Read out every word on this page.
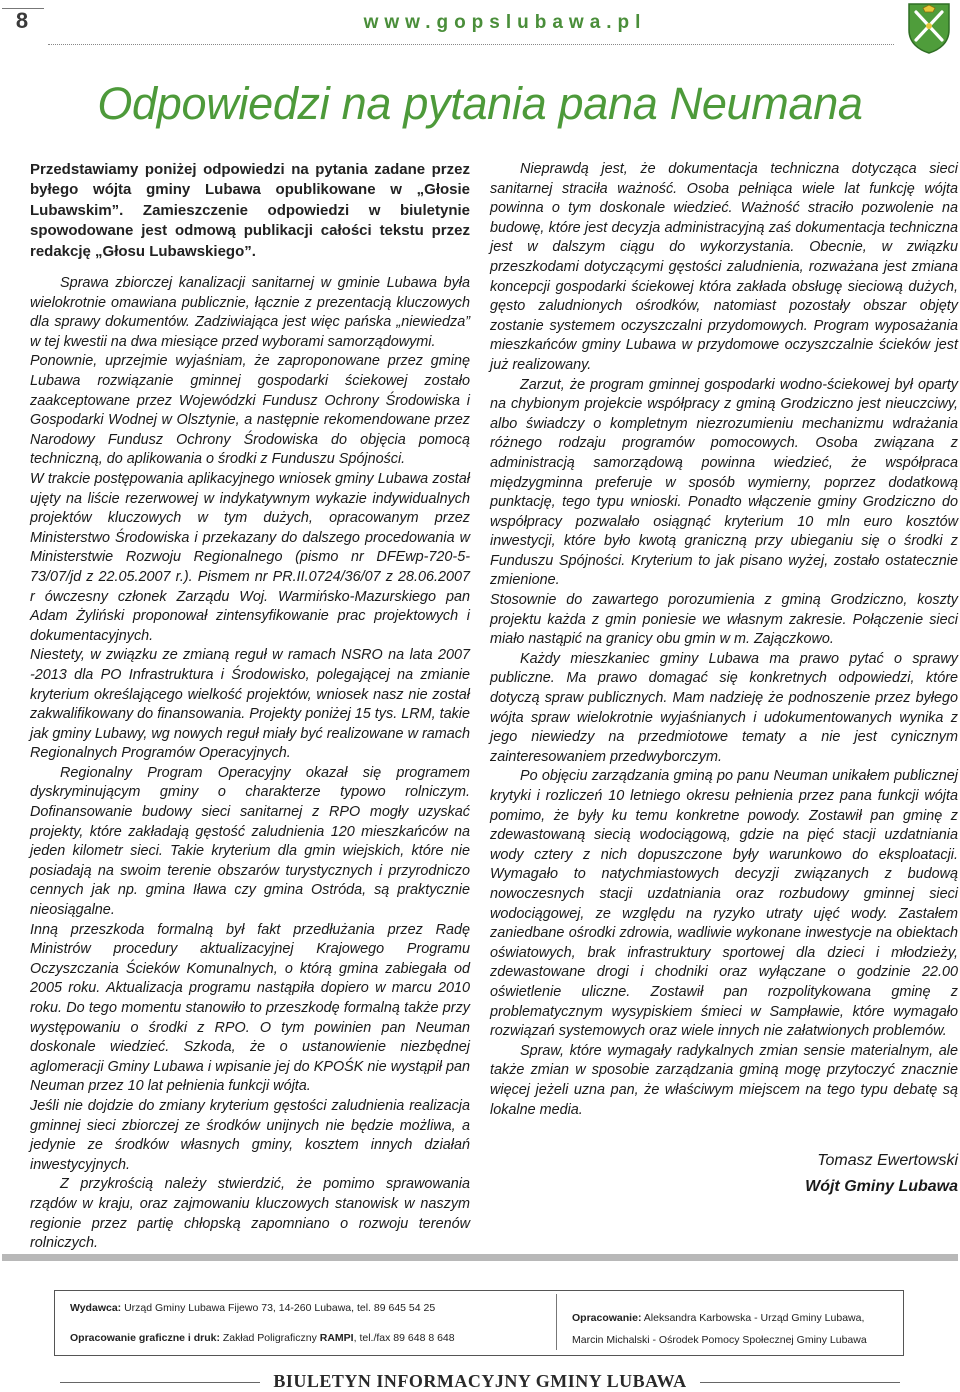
8	www.gopslubawa.pl
Odpowiedzi na pytania pana Neumana

Przedstawiamy poniżej odpowiedzi na pytania zadane przez byłego wójta gminy Lubawa opublikowane w „Głosie Lubawskim”. Zamieszczenie odpowiedzi w biuletynie spowodowane jest odmową publikacji całości tekstu przez redakcję „Głosu Lubawskiego”.

Sprawa zbiorczej kanalizacji sanitarnej w gminie Lubawa była wielokrotnie omawiana publicznie, łącznie z prezentacją kluczowych dla sprawy dokumentów. Zadziwiająca jest więc pańska „niewiedza” w tej kwestii na dwa miesiące przed wyborami samorządowymi.

Ponownie, uprzejmie wyjaśniam, że zaproponowane przez gminę Lubawa rozwiązanie gminnej gospodarki ściekowej zostało zaakceptowane przez Wojewódzki Fundusz Ochrony Środowiska i Gospodarki Wodnej w Olsztynie, a następnie rekomendowane przez Narodowy Fundusz Ochrony Środowiska do objęcia pomocą techniczną, do aplikowania o środki z Funduszu Spójności.

W trakcie postępowania aplikacyjnego wniosek gminy Lubawa został ujęty na liście rezerwowej w indykatywnym wykazie indywidualnych projektów kluczowych w tym dużych, opracowanym przez Ministerstwo Środowiska i przekazany do dalszego procedowania w Ministerstwie Rozwoju Regionalnego (pismo nr DFEwp-720-5-73/07/jd z 22.05.2007 r.). Pismem nr PR.II.0724/36/07 z 28.06.2007 r ówczesny członek Zarządu Woj. Warmińsko-Mazurskiego pan Adam Żyliński proponował zintensyfikowanie prac projektowych i dokumentacyjnych.

Niestety, w związku ze zmianą reguł w ramach NSRO na lata 2007 -2013 dla PO Infrastruktura i Środowisko, polegającej na zmianie kryterium określającego wielkość projektów, wniosek nasz nie został zakwalifikowany do finansowania. Projekty poniżej 15 tys. LRM, takie jak gminy Lubawy, wg nowych reguł miały być realizowane w ramach Regionalnych Programów Operacyjnych.

Regionalny Program Operacyjny okazał się programem dyskryminującym gminy o charakterze typowo rolniczym. Dofinansowanie budowy sieci sanitarnej z RPO mogły uzyskać projekty, które zakładają gęstość zaludnienia 120 mieszkańców na jeden kilometr sieci. Takie kryterium dla gmin wiejskich, które nie posiadają na swoim terenie obszarów turystycznych i przyrodniczo cennych jak np. gmina Iława czy gmina Ostróda, są praktycznie nieosiągalne.

Inną przeszkoda formalną był fakt przedłużania przez Radę Ministrów procedury aktualizacyjnej Krajowego Programu Oczyszczania Ścieków Komunalnych, o którą gmina zabiegała od 2005 roku. Aktualizacja programu nastąpiła dopiero w marcu 2010 roku. Do tego momentu stanowiło to przeszkodę formalną także przy występowaniu o środki z RPO. O tym powinien pan Neuman doskonale wiedzieć. Szkoda, że o ustanowienie niezbędnej aglomeracji Gminy Lubawa i wpisanie jej do KPOŚK nie wystąpił pan Neuman przez 10 lat pełnienia funkcji wójta.

Jeśli nie dojdzie do zmiany kryterium gęstości zaludnienia realizacja gminnej sieci zbiorczej ze środków unijnych nie będzie możliwa, a jedynie ze środków własnych gminy, kosztem innych działań inwestycyjnych.

Z przykrością należy stwierdzić, że pomimo sprawowania rządów w kraju, oraz zajmowaniu kluczowych stanowisk w naszym regionie przez partię chłopską zapomniano o rozwoju terenów rolniczych.

Nieprawdą jest, że dokumentacja techniczna dotycząca sieci sanitarnej straciła ważność. Osoba pełniąca wiele lat funkcję wójta powinna o tym doskonale wiedzieć. Ważność straciło pozwolenie na budowę, które jest decyzja administracyjną zaś dokumentacja techniczna jest w dalszym ciągu do wykorzystania. Obecnie, w związku przeszkodami dotyczącymi gęstości zaludnienia, rozważana jest zmiana koncepcji gospodarki ściekowej która zakłada obsługę sieciową dużych, gęsto zaludnionych ośrodków, natomiast pozostały obszar objęty zostanie systemem oczyszczalni przydomowych. Program wyposażania mieszkańców gminy Lubawa w przydomowe oczyszczalnie ścieków jest już realizowany.

Zarzut, że program gminnej gospodarki wodno-ściekowej był oparty na chybionym projekcie współpracy z gminą Grodziczno jest nieuczciwy, albo świadczy o kompletnym niezrozumieniu mechanizmu wdrażania różnego rodzaju programów pomocowych. Osoba związana z administracją samorządową powinna wiedzieć, że współpraca międzygminna preferuje w sposób wymierny, poprzez dodatkową punktację, tego typu wnioski. Ponadto włączenie gminy Grodziczno do współpracy pozwalało osiągnąć kryterium 10 mln euro kosztów inwestycji, które było kwotą graniczną przy ubieganiu się o środki z Funduszu Spójności. Kryterium to jak pisano wyżej, zostało ostatecznie zmienione.

Stosownie do zawartego porozumienia z gminą Grodziczno, koszty projektu każda z gmin poniesie we własnym zakresie. Połączenie sieci miało nastąpić na granicy obu gmin w m. Zajączkowo.

Każdy mieszkaniec gminy Lubawa ma prawo pytać o sprawy publiczne. Ma prawo domagać się konkretnych odpowiedzi, które dotyczą spraw publicznych. Mam nadzieję że podnoszenie przez byłego wójta spraw wielokrotnie wyjaśnianych i udokumentowanych wynika z jego niewiedzy na przedmiotowe tematy a nie jest cynicznym zainteresowaniem przedwyborczym.

Po objęciu zarządzania gminą po panu Neuman unikałem publicznej krytyki i rozliczeń 10 letniego okresu pełnienia przez pana funkcji wójta pomimo, że były ku temu konkretne powody. Zostawił pan gminę z zdewastowaną siecią wodociągową, gdzie na pięć stacji uzdatniania wody cztery z nich dopuszczone były warunkowo do eksploatacji. Wymagało to natychmiastowych decyzji związanych z budową nowoczesnych stacji uzdatniania oraz rozbudowy gminnej sieci wodociągowej, ze względu na ryzyko utraty ujęć wody. Zastałem zaniedbane ośrodki zdrowia, wadliwie wykonane inwestycje na obiektach oświatowych, brak infrastruktury sportowej dla dzieci i młodzieży, zdewastowane drogi i chodniki oraz wyłączane o godzinie 22.00 oświetlenie uliczne. Zostawił pan rozpolitykowana gminę z problematycznym wysypiskiem śmieci w Sampławie, które wymagało rozwiązań systemowych oraz wiele innych nie załatwionych problemów.

Spraw, które wymagały radykalnych zmian sensie materialnym, ale także zmian w sposobie zarządzania gminą mogę przytoczyć znacznie więcej jeżeli uzna pan, że właściwym miejscem na tego typu debatę są lokalne media.

Tomasz Ewertowski

Wójt Gminy Lubawa

Wydawca: Urząd Gminy Lubawa Fijewo 73, 14-260 Lubawa, tel. 89 645 54 25
Opracowanie graficzne i druk: Zakład Poligraficzny RAMPI, tel./fax 89 648 8 648
Opracowanie: Aleksandra Karbowska - Urząd Gminy Lubawa,
Marcin Michalski - Ośrodek Pomocy Społecznej Gminy Lubawa
BIULETYN INFORMACYJNY GMINY LUBAWA
